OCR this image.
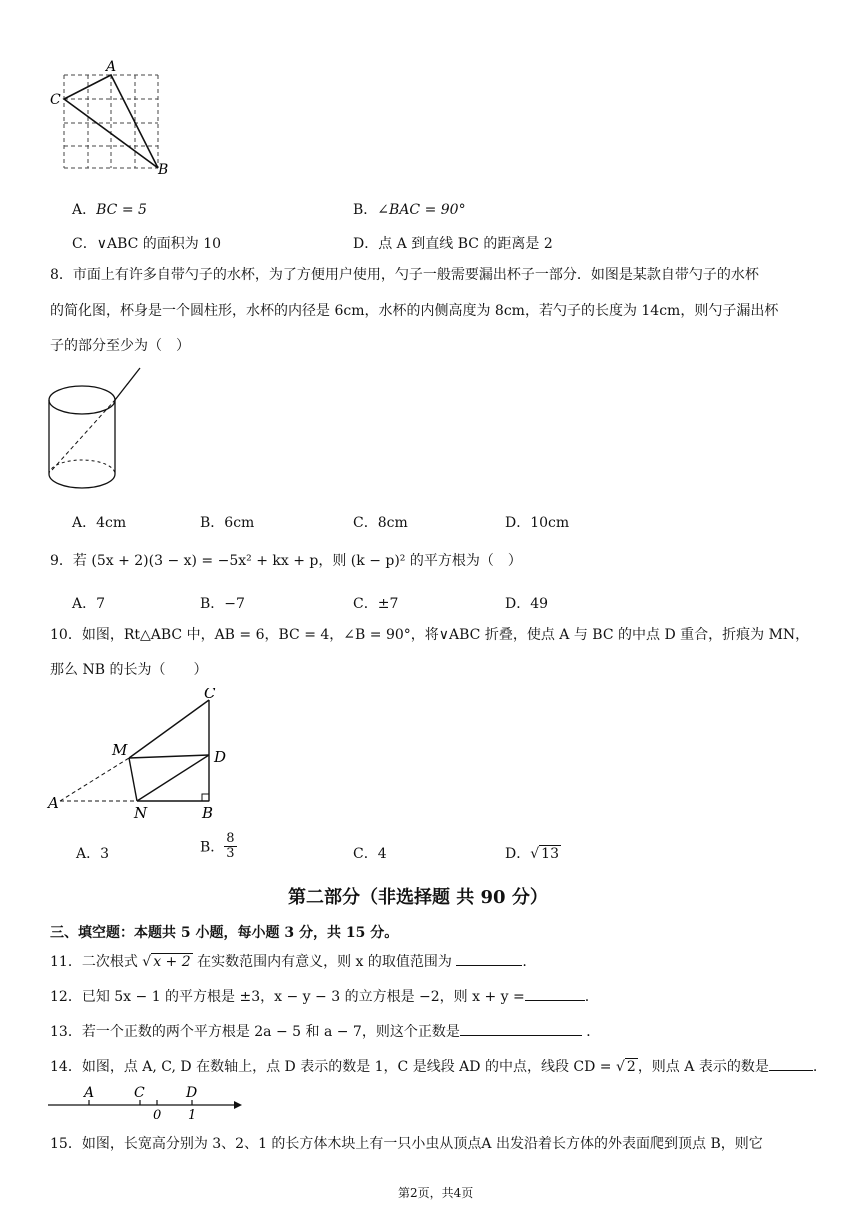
A
C
B
A．BC = 5	B．∠BAC = 90°
C．∨ABC 的面积为 10	D．点 A 到直线 BC 的距离是 2
8．市面上有许多自带勺子的水杯，为了方便用户使用，勺子一般需要漏出杯子一部分．如图是某款自带勺子的水杯
的简化图，杯身是一个圆柱形，水杯的内径是 6cm，水杯的内侧高度为 8cm，若勺子的长度为 14cm，则勺子漏出杯
子的部分至少为（　）
A．4cm	B．6cm	C．8cm	D．10cm
9．若 (5x + 2)(3 − x) = −5x² + kx + p，则 (k − p)² 的平方根为（　）
A．7	B．−7	C．±7	D．49
10．如图，Rt△ABC 中，AB = 6，BC = 4，∠B = 90°，将∨ABC 折叠，使点 A 与 BC 的中点 D 重合，折痕为 MN，
那么 NB 的长为（　　）
C
M	D
A
N	B
A．3	B． $\frac{8}{3}$	C．4	D．√ 13
第二部分（非选择题 共 90 分）
三、填空题：本题共 5 小题，每小题 3 分，共 15 分。
11．二次根式 √ x + 2 在实数范围内有意义，则 x 的取值范围为	.
12．已知 5x − 1 的平方根是 ±3，x − y − 3 的立方根是 −2，则 x + y =	.
13．若一个正数的两个平方根是 2a − 5 和 a − 7，则这个正数是	．
14．如图，点 A, C, D 在数轴上，点 D 表示的数是 1，C 是线段 AD 的中点，线段 CD = √ 2 ，则点 A 表示的数是	.
A	C	D
0 1
15．如图，长宽高分别为 3、2、1 的长方体木块上有一只小虫从顶点A 出发沿着长方体的外表面爬到顶点 B，则它
第2页，共4页
